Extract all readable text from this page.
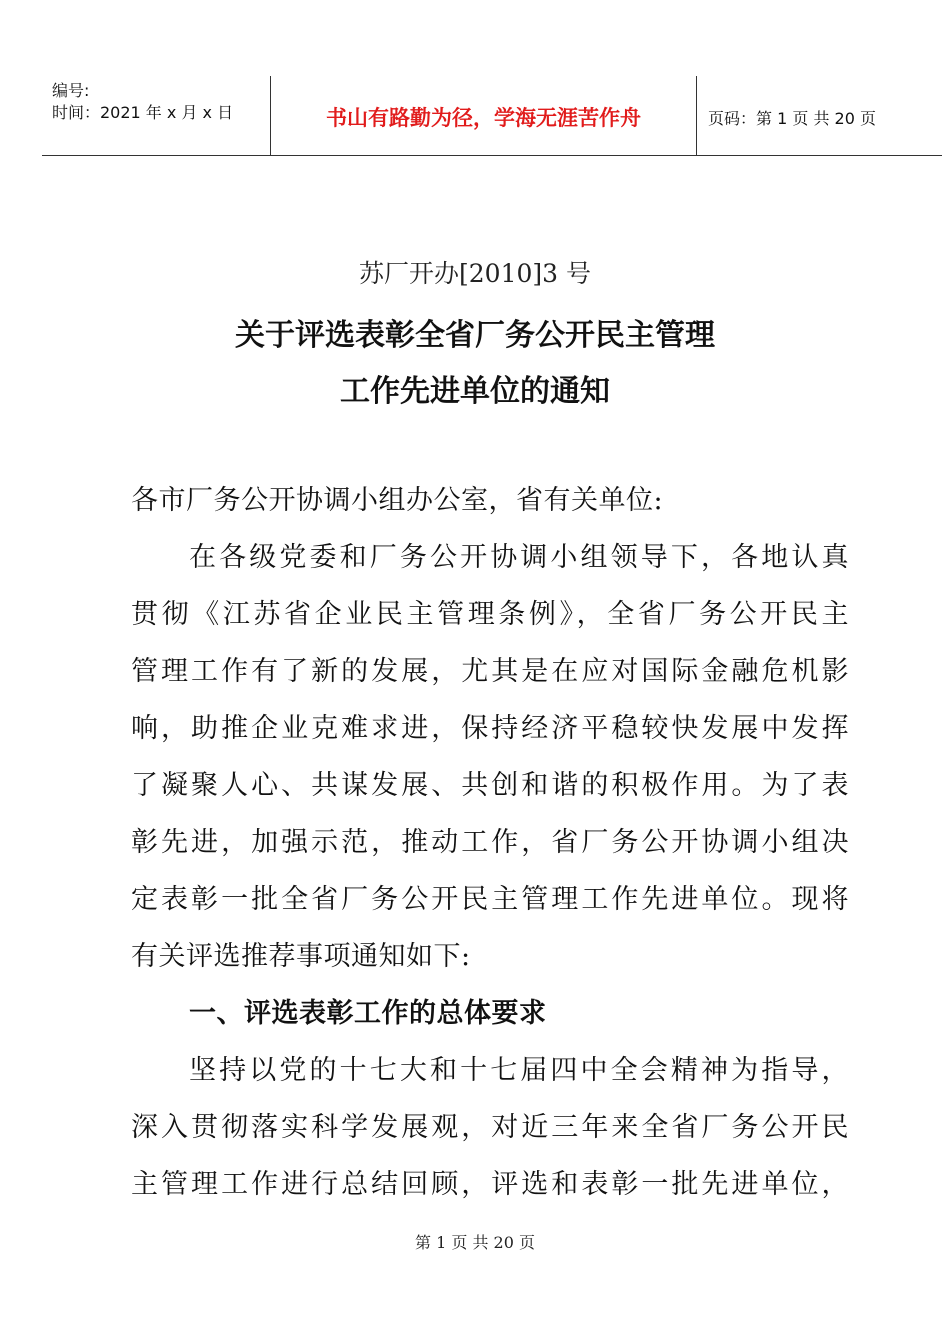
编号:
时间：2021 年 x 月 x 日	书山有路勤为径，学海无涯苦作舟	页码：第 1 页 共 20 页
苏厂开办[2010]3 号
关于评选表彰全省厂务公开民主管理
工作先进单位的通知
各市厂务公开协调小组办公室，省有关单位:
在各级党委和厂务公开协调小组领导下，各地认真
贯彻《江苏省企业民主管理条例》，全省厂务公开民主
管理工作有了新的发展，尤其是在应对国际金融危机影
响，助推企业克难求进，保持经济平稳较快发展中发挥
了凝聚人心、共谋发展、共创和谐的积极作用。为了表
彰先进，加强示范，推动工作，省厂务公开协调小组决
定表彰一批全省厂务公开民主管理工作先进单位。现将
有关评选推荐事项通知如下:
一、评选表彰工作的总体要求
坚持以党的十七大和十七届四中全会精神为指导，
深入贯彻落实科学发展观，对近三年来全省厂务公开民
主管理工作进行总结回顾，评选和表彰一批先进单位，
第 1 页 共 20 页
